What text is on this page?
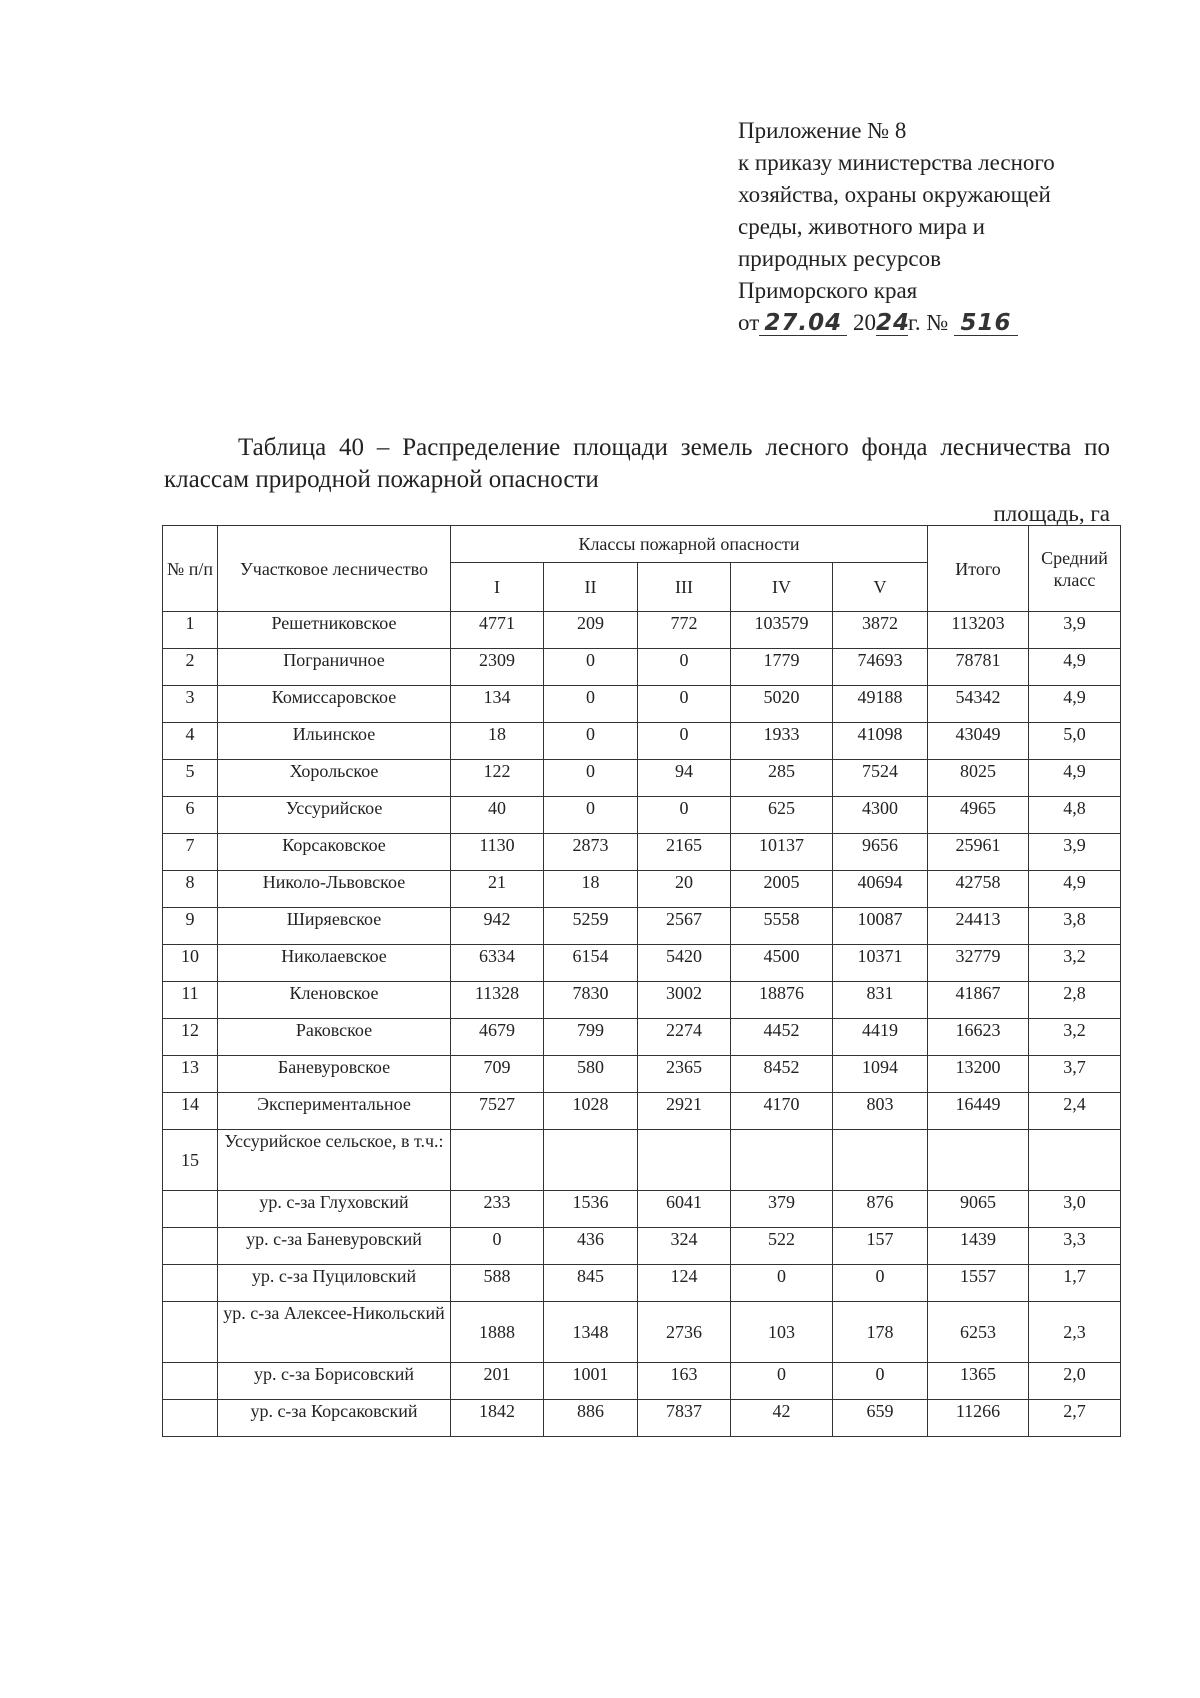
Приложение № 8
к приказу министерства лесного
хозяйства, охраны окружающей
среды, животного мира и
природных ресурсов
Приморского края
от 27.04 2024г. № 516
Таблица 40 – Распределение площади земель лесного фонда лесничества по классам природной пожарной опасности
площадь, га
№ п/п	Участковое лесничество	Классы пожарной опасности					Итого	Средний класс
		I	II	III	IV	V		
1	Решетниковское	4771	209	772	103579	3872	113203	3,9
2	Пограничное	2309	0	0	1779	74693	78781	4,9
3	Комиссаровское	134	0	0	5020	49188	54342	4,9
4	Ильинское	18	0	0	1933	41098	43049	5,0
5	Хорольское	122	0	94	285	7524	8025	4,9
6	Уссурийское	40	0	0	625	4300	4965	4,8
7	Корсаковское	1130	2873	2165	10137	9656	25961	3,9
8	Николо-Львовское	21	18	20	2005	40694	42758	4,9
9	Ширяевское	942	5259	2567	5558	10087	24413	3,8
10	Николаевское	6334	6154	5420	4500	10371	32779	3,2
11	Кленовское	11328	7830	3002	18876	831	41867	2,8
12	Раковское	4679	799	2274	4452	4419	16623	3,2
13	Баневуровское	709	580	2365	8452	1094	13200	3,7
14	Экспериментальное	7527	1028	2921	4170	803	16449	2,4
15	Уссурийское сельское, в т.ч.:							
	ур. с-за Глуховский	233	1536	6041	379	876	9065	3,0
	ур. с-за Баневуровский	0	436	324	522	157	1439	3,3
	ур. с-за Пуциловский	588	845	124	0	0	1557	1,7
	ур. с-за Алексее-Никольский	1888	1348	2736	103	178	6253	2,3
	ур. с-за Борисовский	201	1001	163	0	0	1365	2,0
	ур. с-за Корсаковский	1842	886	7837	42	659	11266	2,7
